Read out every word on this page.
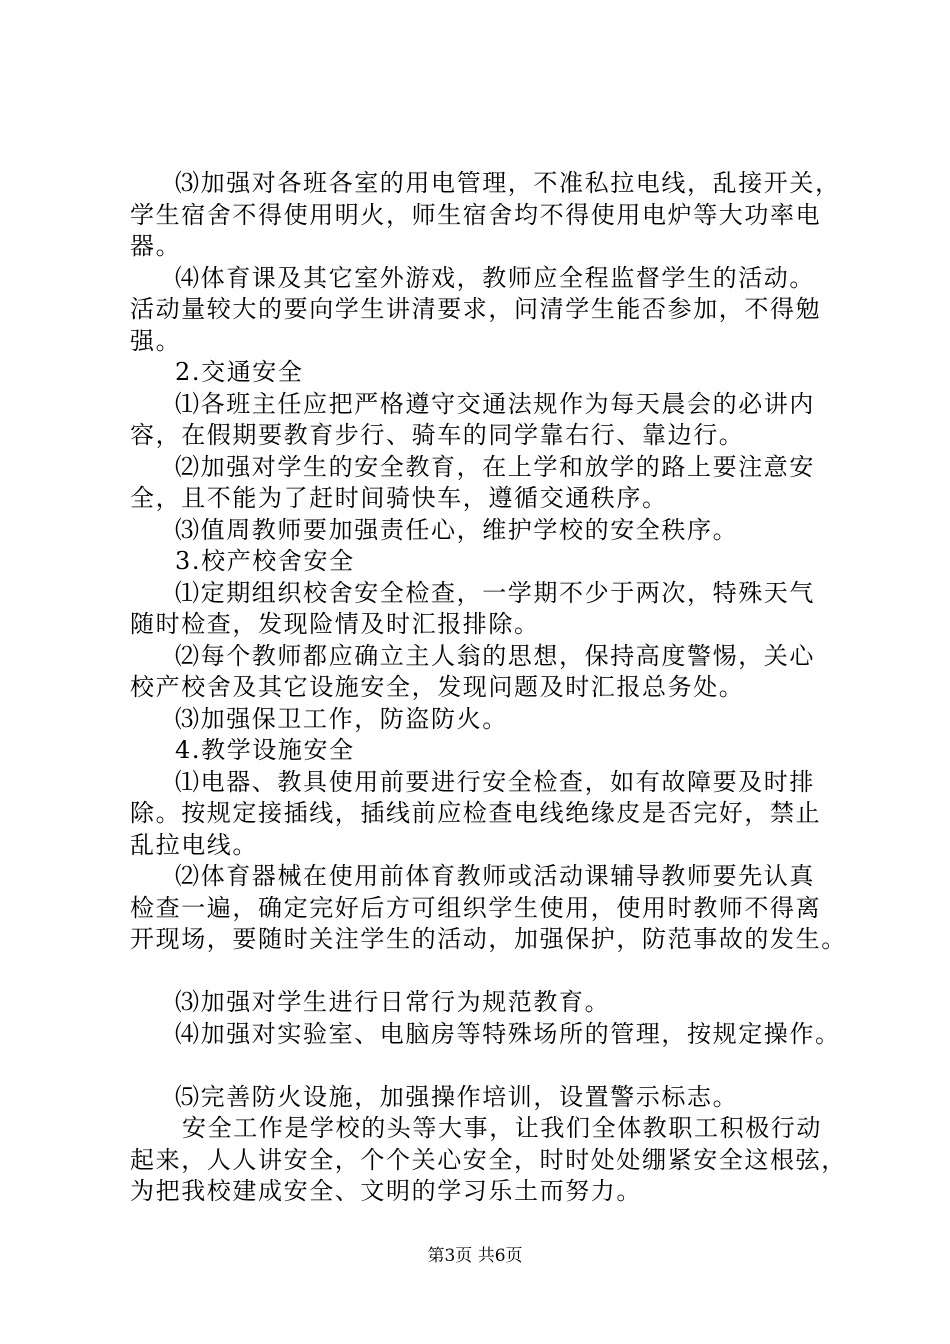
⑶加强对各班各室的用电管理，不准私拉电线，乱接开关，
学生宿舍不得使用明火，师生宿舍均不得使用电炉等大功率电
器。
⑷体育课及其它室外游戏，教师应全程监督学生的活动。
活动量较大的要向学生讲清要求，问清学生能否参加，不得勉
强。
2.交通安全
⑴各班主任应把严格遵守交通法规作为每天晨会的必讲内
容，在假期要教育步行、骑车的同学靠右行、靠边行。
⑵加强对学生的安全教育，在上学和放学的路上要注意安
全，且不能为了赶时间骑快车，遵循交通秩序。
⑶值周教师要加强责任心，维护学校的安全秩序。
3.校产校舍安全
⑴定期组织校舍安全检查，一学期不少于两次，特殊天气
随时检查，发现险情及时汇报排除。
⑵每个教师都应确立主人翁的思想，保持高度警惕，关心
校产校舍及其它设施安全，发现问题及时汇报总务处。
⑶加强保卫工作，防盗防火。
4.教学设施安全
⑴电器、教具使用前要进行安全检查，如有故障要及时排
除。按规定接插线，插线前应检查电线绝缘皮是否完好，禁止
乱拉电线。
⑵体育器械在使用前体育教师或活动课辅导教师要先认真
检查一遍，确定完好后方可组织学生使用，使用时教师不得离
开现场，要随时关注学生的活动，加强保护，防范事故的发生。
⑶加强对学生进行日常行为规范教育。
⑷加强对实验室、电脑房等特殊场所的管理，按规定操作。
⑸完善防火设施，加强操作培训，设置警示标志。
安全工作是学校的头等大事，让我们全体教职工积极行动
起来，人人讲安全，个个关心安全，时时处处绷紧安全这根弦，
为把我校建成安全、文明的学习乐土而努力。
第3页 共6页
